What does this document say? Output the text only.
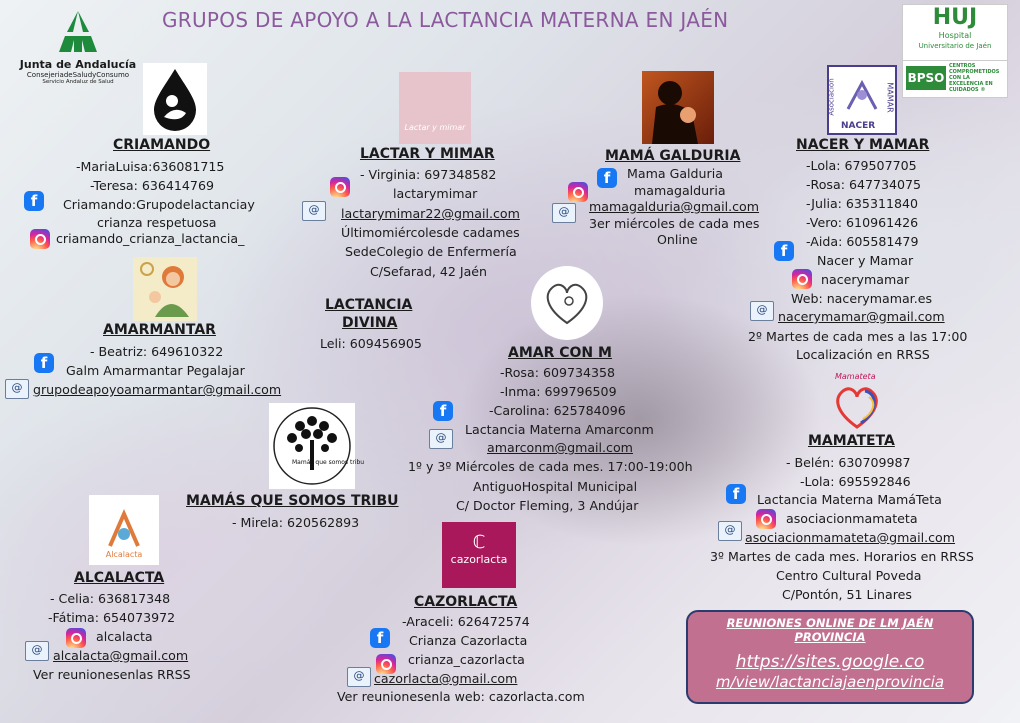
GRUPOS DE APOYO A LA LACTANCIA MATERNA EN JAÉN
Junta de Andalucía
ConsejeriadeSaludyConsumo
Servicio Andaluz de Salud
HUJ
Hospital
Universitario de Jaén
BPSO
CENTROS COMPROMETIDOS CON LA EXCELENCIA EN CUIDADOS ®
CRIAMANDO
-MariaLuisa:636081715
-Teresa: 636414769
f
Criamando:Grupodelactanciay
crianza respetuosa
criamando_crianza_lactancia_
Lactar y mimar
LACTAR Y MIMAR
- Virginia: 697348582
lactarymimar
@
lactarymimar22@gmail.com
Últimomiércolesde cadames
SedeColegio de Enfermería
C/Sefarad, 42 Jaén
MAMÁ GALDURIA
f
Mama Galduria
mamagalduria
@
mamagalduria@gmail.com
3er miércoles de cada mes
Online
Asociación
NACER
MAMAR
NACER Y MAMAR
-Lola: 679507705
-Rosa: 647734075
-Julia: 635311840
-Vero: 610961426
-Aida: 605581479
f
Nacer y Mamar
nacerymamar
Web: nacerymamar.es
@
nacerymamar@gmail.com
2º Martes de cada mes a las 17:00
Localización en RRSS
AMARMANTAR
- Beatriz: 649610322
f
Galm Amarmantar Pegalajar
@
grupodeapoyoamarmantar@gmail.com
LACTANCIA
DIVINA
Leli: 609456905
AMAR CON M
-Rosa: 609734358
-Inma: 699796509
-Carolina: 625784096
f
Lactancia Materna Amarconm
@
amarconm@gmail.com
1º y 3º Miércoles de cada mes. 17:00-19:00h
AntiguoHospital Municipal
C/ Doctor Fleming, 3 Andújar
Mamateta
MAMATETA
- Belén: 630709987
-Lola: 695592846
f
Lactancia Materna MamáTeta
asociacionmamateta
@
asociacionmamateta@gmail.com
3º Martes de cada mes. Horarios en RRSS
Centro Cultural Poveda
C/Pontón, 51 Linares
Mamás que somos tribu
MAMÁS QUE SOMOS TRIBU
- Mirela: 620562893
Alcalacta
ALCALACTA
- Celia: 636817348
-Fátima: 654073972
alcalacta
@
alcalacta@gmail.com
Ver reunionesenlas RRSS
ℂ
cazorlacta
CAZORLACTA
-Araceli: 626472574
f
Crianza Cazorlacta
crianza_cazorlacta
@
cazorlacta@gmail.com
Ver reunionesenla web: cazorlacta.com
REUNIONES ONLINE DE LM JAÉN
PROVINCIA
https://sites.google.co
m/view/lactanciajaenprovincia
